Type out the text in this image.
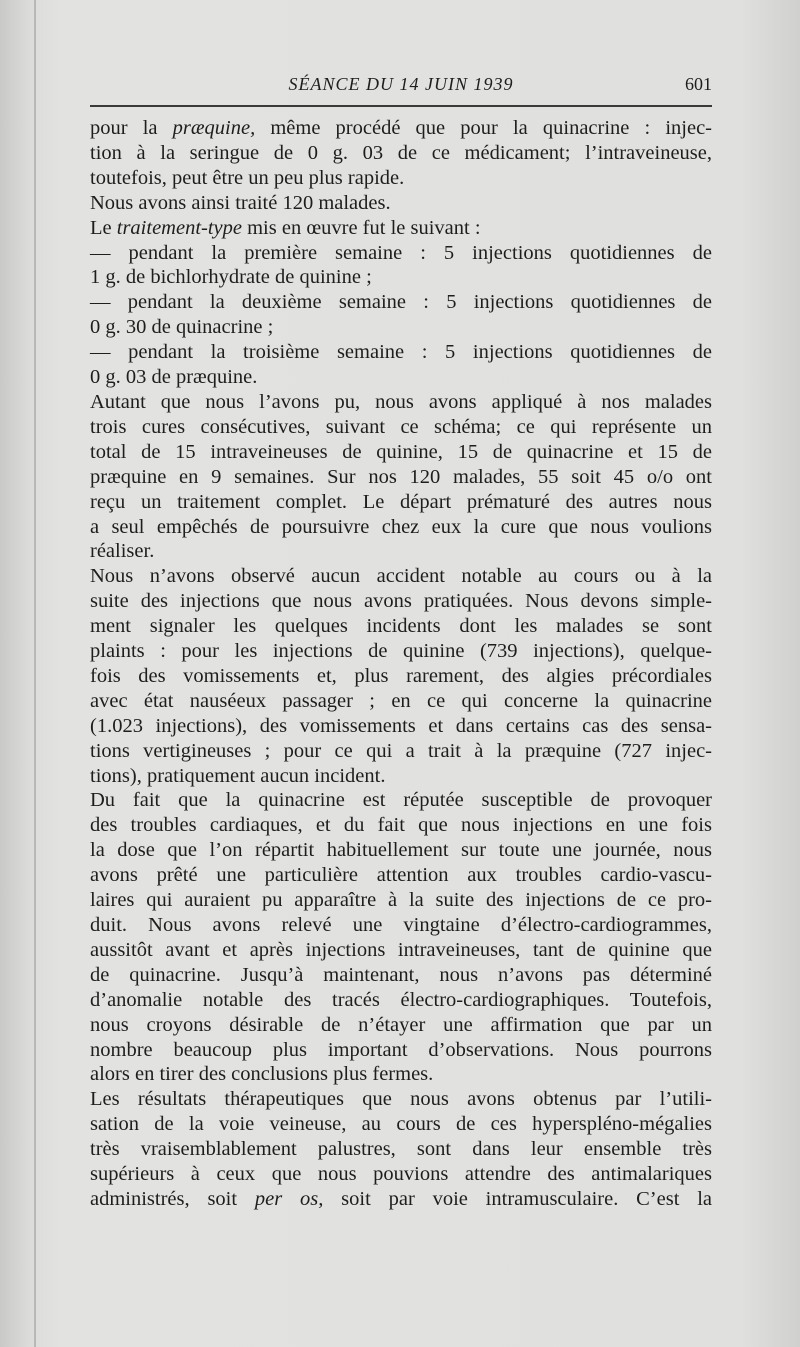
SÉANCE DU 14 JUIN 1939	601
pour la præquine, même procédé que pour la quinacrine : injec-
tion à la seringue de 0 g. 03 de ce médicament; l’intraveineuse,
toutefois, peut être un peu plus rapide.
Nous avons ainsi traité 120 malades.
Le traitement-type mis en œuvre fut le suivant :
— pendant la première semaine : 5 injections quotidiennes de
1 g. de bichlorhydrate de quinine ;
— pendant la deuxième semaine : 5 injections quotidiennes de
0 g. 30 de quinacrine ;
— pendant la troisième semaine : 5 injections quotidiennes de
0 g. 03 de præquine.
Autant que nous l’avons pu, nous avons appliqué à nos malades
trois cures consécutives, suivant ce schéma; ce qui représente un
total de 15 intraveineuses de quinine, 15 de quinacrine et 15 de
præquine en 9 semaines. Sur nos 120 malades, 55 soit 45 o/o ont
reçu un traitement complet. Le départ prématuré des autres nous
a seul empêchés de poursuivre chez eux la cure que nous voulions
réaliser.
Nous n’avons observé aucun accident notable au cours ou à la
suite des injections que nous avons pratiquées. Nous devons simple-
ment signaler les quelques incidents dont les malades se sont
plaints : pour les injections de quinine (739 injections), quelque-
fois des vomissements et, plus rarement, des algies précordiales
avec état nauséeux passager ; en ce qui concerne la quinacrine
(1.023 injections), des vomissements et dans certains cas des sensa-
tions vertigineuses ; pour ce qui a trait à la præquine (727 injec-
tions), pratiquement aucun incident.
Du fait que la quinacrine est réputée susceptible de provoquer
des troubles cardiaques, et du fait que nous injections en une fois
la dose que l’on répartit habituellement sur toute une journée, nous
avons prêté une particulière attention aux troubles cardio-vascu-
laires qui auraient pu apparaître à la suite des injections de ce pro-
duit. Nous avons relevé une vingtaine d’électro-cardiogrammes,
aussitôt avant et après injections intraveineuses, tant de quinine que
de quinacrine. Jusqu’à maintenant, nous n’avons pas déterminé
d’anomalie notable des tracés électro-cardiographiques. Toutefois,
nous croyons désirable de n’étayer une affirmation que par un
nombre beaucoup plus important d’observations. Nous pourrons
alors en tirer des conclusions plus fermes.
Les résultats thérapeutiques que nous avons obtenus par l’utili-
sation de la voie veineuse, au cours de ces hyperspléno-mégalies
très vraisemblablement palustres, sont dans leur ensemble très
supérieurs à ceux que nous pouvions attendre des antimalariques
administrés, soit per os, soit par voie intramusculaire. C’est la
